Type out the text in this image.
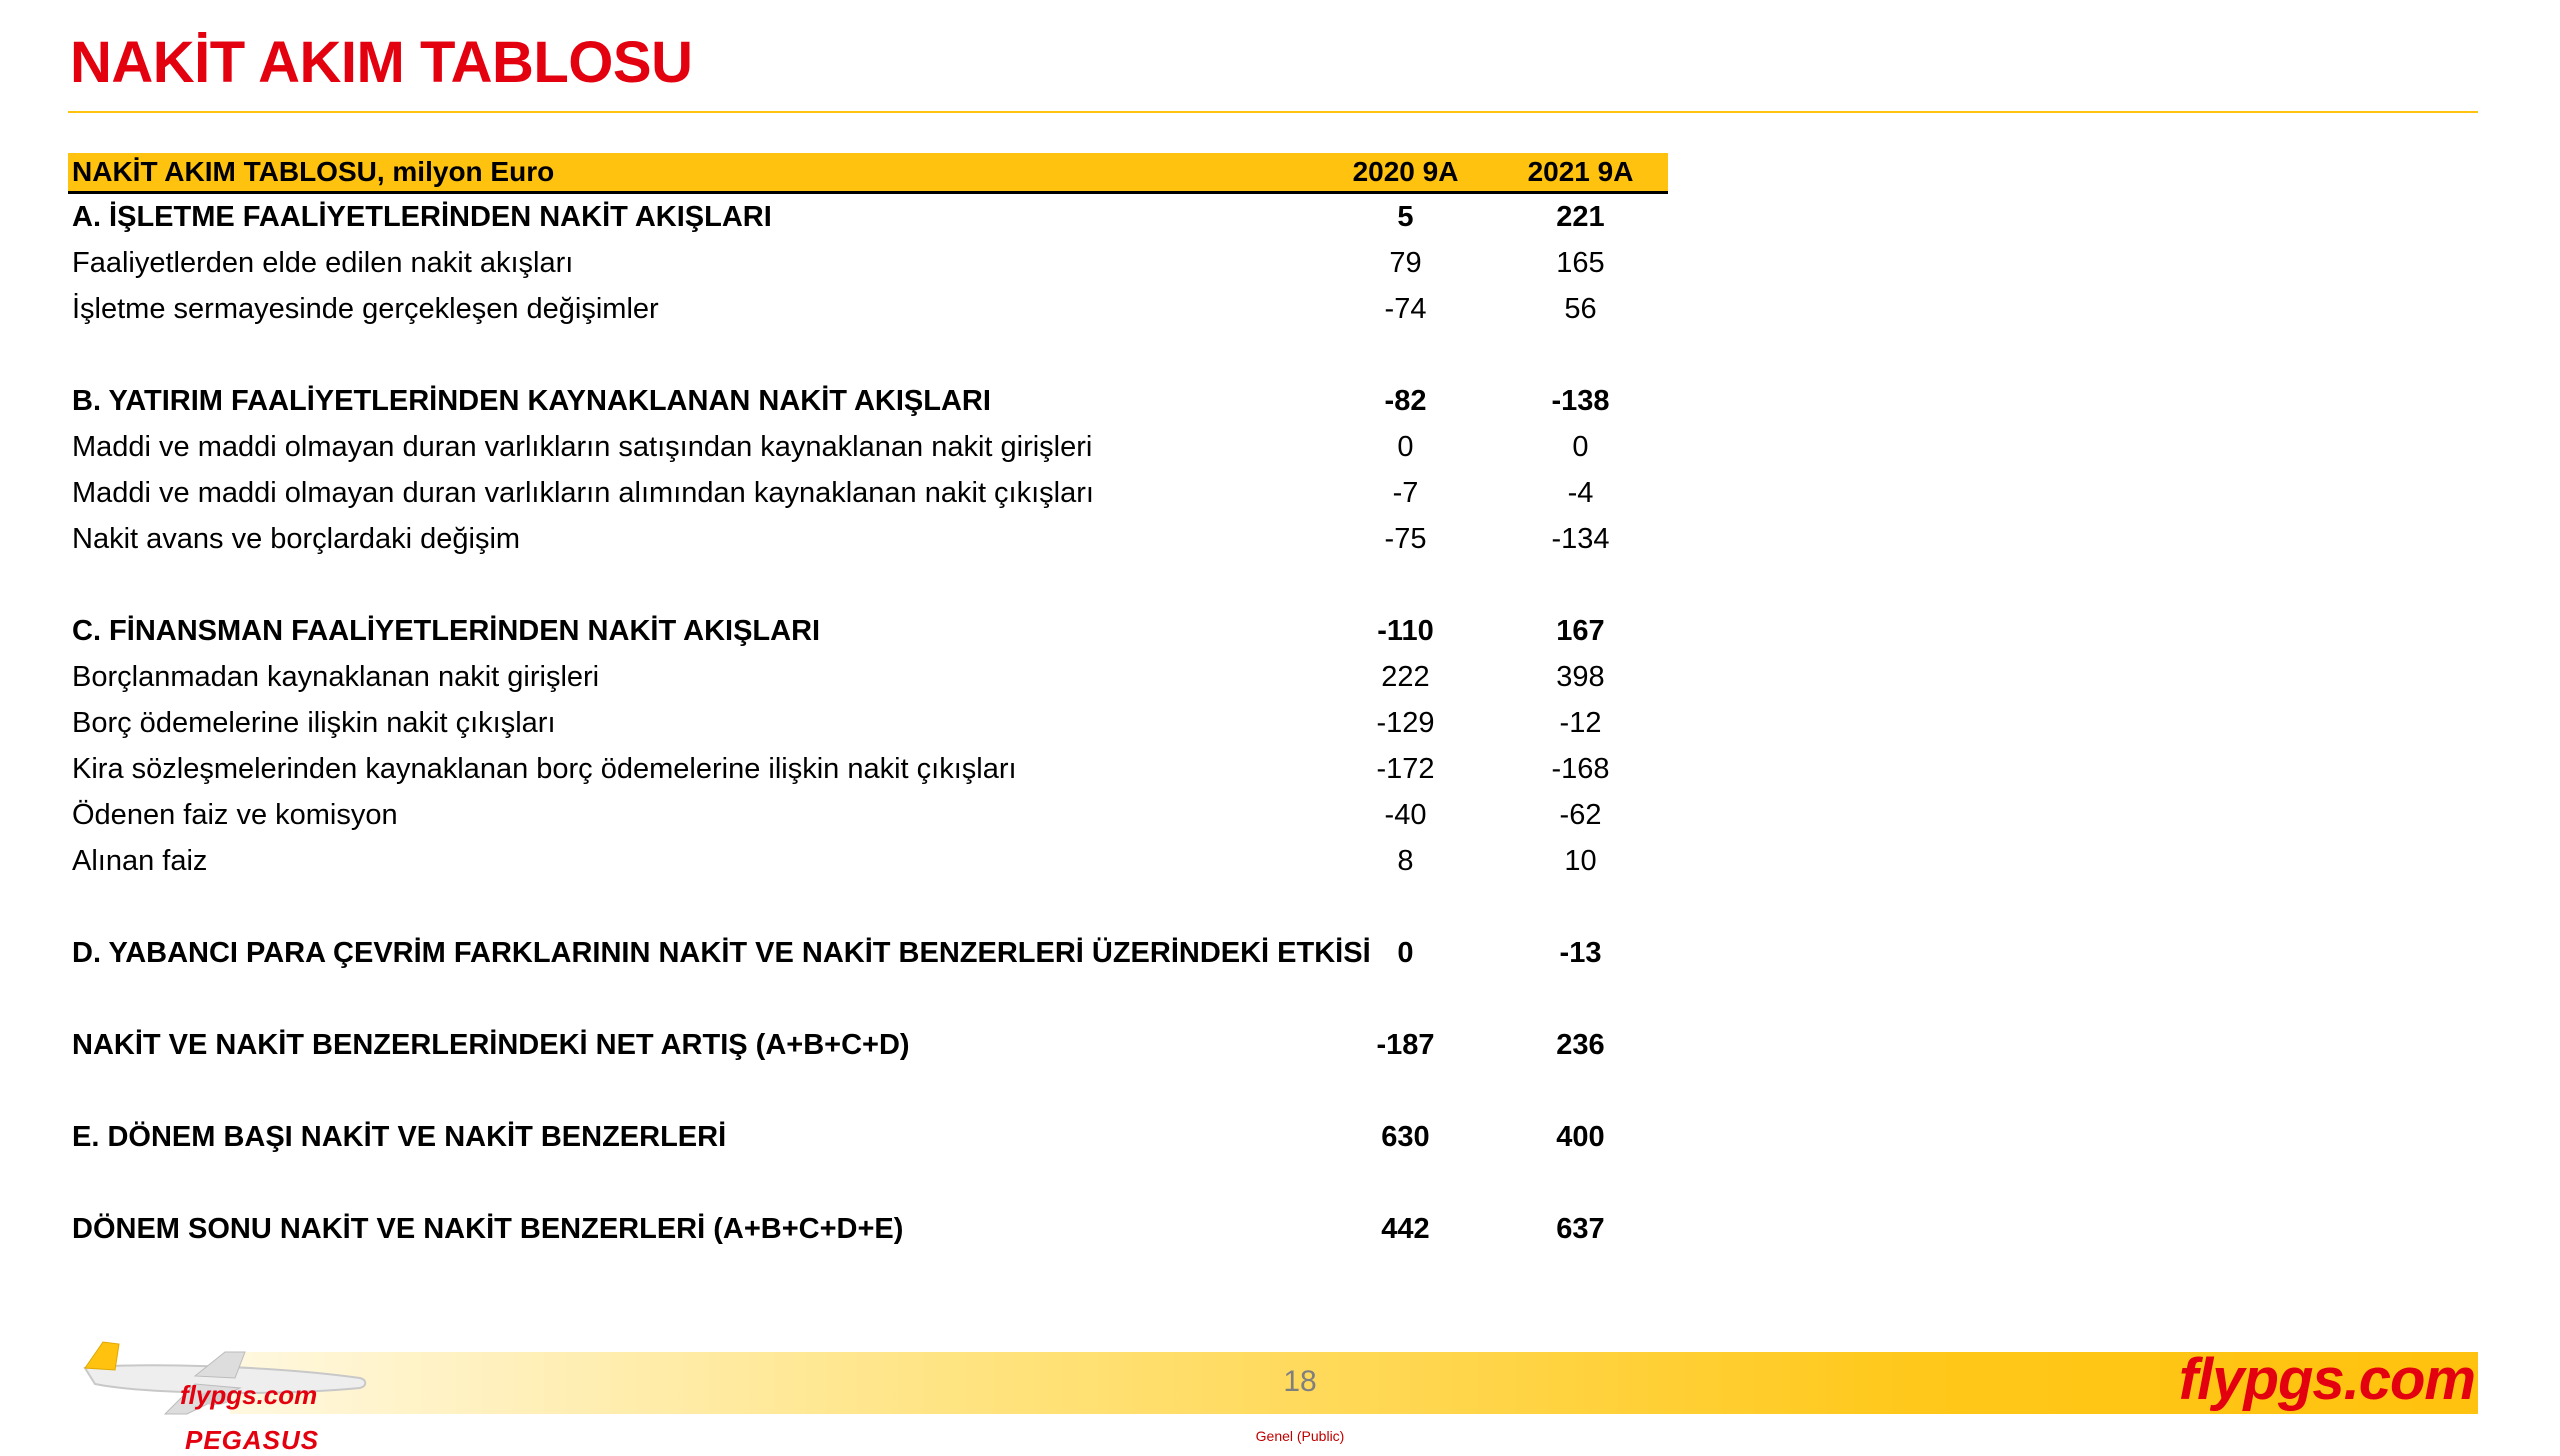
NAKİT AKIM TABLOSU
NAKİT AKIM TABLOSU, milyon Euro	2020 9A	2021 9A
A. İŞLETME FAALİYETLERİNDEN NAKİT AKIŞLARI	5	221
Faaliyetlerden elde edilen nakit akışları	79	165
İşletme sermayesinde gerçekleşen değişimler	-74	56

B. YATIRIM FAALİYETLERİNDEN KAYNAKLANAN NAKİT AKIŞLARI	-82	-138
Maddi ve maddi olmayan duran varlıkların satışından kaynaklanan nakit girişleri	0	0
Maddi ve maddi olmayan duran varlıkların alımından kaynaklanan nakit çıkışları	-7	-4
Nakit avans ve borçlardaki değişim	-75	-134

C. FİNANSMAN FAALİYETLERİNDEN NAKİT AKIŞLARI	-110	167
Borçlanmadan kaynaklanan nakit girişleri	222	398
Borç ödemelerine ilişkin nakit çıkışları	-129	-12
Kira sözleşmelerinden kaynaklanan borç ödemelerine ilişkin nakit çıkışları	-172	-168
Ödenen faiz ve komisyon	-40	-62
Alınan faiz	8	10

D. YABANCI PARA ÇEVRİM FARKLARININ NAKİT VE NAKİT BENZERLERİ ÜZERİNDEKİ ETKİSİ	0	-13

NAKİT VE NAKİT BENZERLERİNDEKİ NET ARTIŞ (A+B+C+D)	-187	236

E. DÖNEM BAŞI NAKİT VE NAKİT BENZERLERİ	630	400

DÖNEM SONU NAKİT VE NAKİT BENZERLERİ (A+B+C+D+E)	442	637
flypgs.com
PEGASUS
18	flypgs.com
Genel (Public)
